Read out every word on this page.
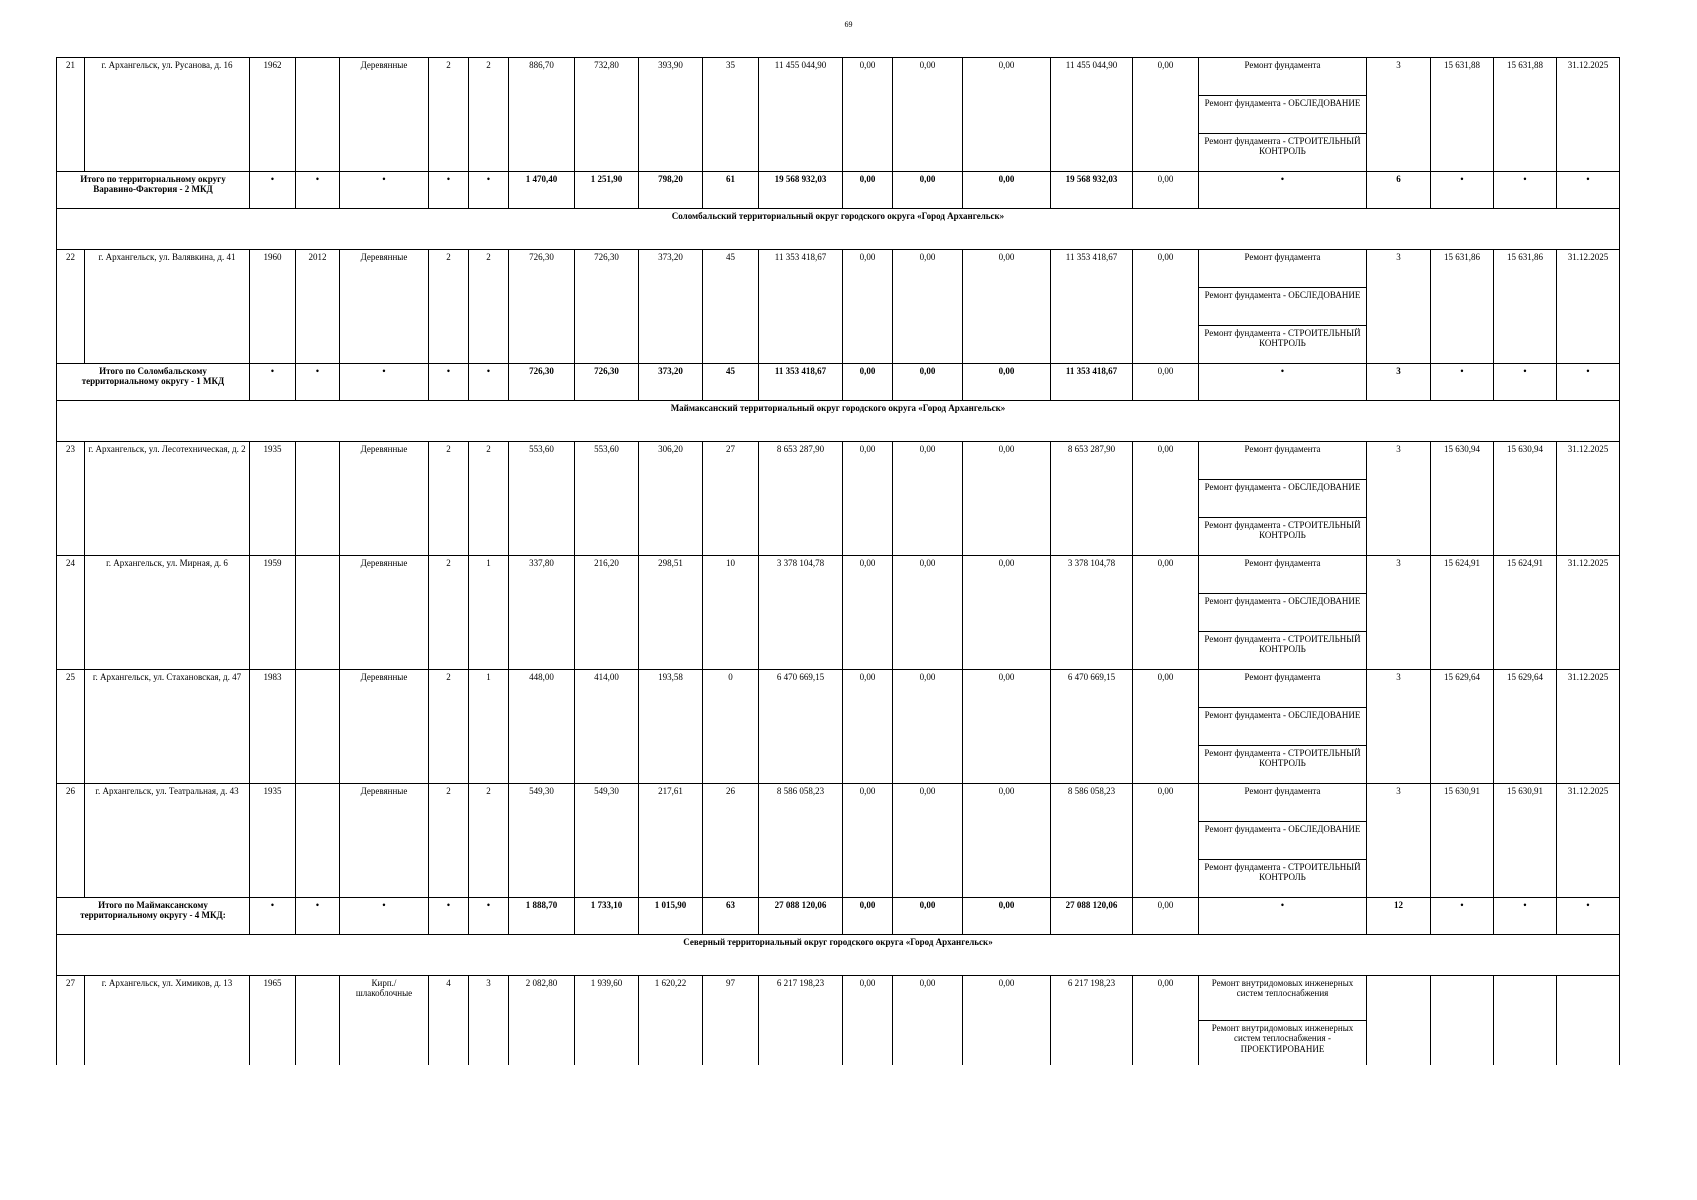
69
21	г. Архангельск, ул. Русанова, д. 16	1962		Деревянные	2	2	886,70	732,80	393,90	35	11 455 044,90	0,00	0,00	0,00	11 455 044,90	0,00	Ремонт фундамента	3	15 631,88	15 631,88	31.12.2025
																	Ремонт фундамента - ОБСЛЕДОВАНИЕ				
																	Ремонт фундамента - СТРОИТЕЛЬНЫЙ КОНТРОЛЬ				
Итого по территориальному округу Варавино-Фактория - 2 МКД		•	•	•	•	•	1 470,40	1 251,90	798,20	61	19 568 932,03	0,00	0,00	0,00	19 568 932,03	0,00	•	6	•	•	•
Соломбальский территориальный округ городского округа «Город Архангельск»																					
22	г. Архангельск, ул. Валявкина, д. 41	1960	2012	Деревянные	2	2	726,30	726,30	373,20	45	11 353 418,67	0,00	0,00	0,00	11 353 418,67	0,00	Ремонт фундамента	3	15 631,86	15 631,86	31.12.2025
																	Ремонт фундамента - ОБСЛЕДОВАНИЕ				
																	Ремонт фундамента - СТРОИТЕЛЬНЫЙ КОНТРОЛЬ				
Итого по Соломбальскому территориальному округу - 1 МКД		•	•	•	•	•	726,30	726,30	373,20	45	11 353 418,67	0,00	0,00	0,00	11 353 418,67	0,00	•	3	•	•	•
Маймаксанский территориальный округ городского округа «Город Архангельск»																					
23	г. Архангельск, ул. Лесотехническая, д. 2	1935		Деревянные	2	2	553,60	553,60	306,20	27	8 653 287,90	0,00	0,00	0,00	8 653 287,90	0,00	Ремонт фундамента	3	15 630,94	15 630,94	31.12.2025
																	Ремонт фундамента - ОБСЛЕДОВАНИЕ				
																	Ремонт фундамента - СТРОИТЕЛЬНЫЙ КОНТРОЛЬ				
24	г. Архангельск, ул. Мирная, д. 6	1959		Деревянные	2	1	337,80	216,20	298,51	10	3 378 104,78	0,00	0,00	0,00	3 378 104,78	0,00	Ремонт фундамента	3	15 624,91	15 624,91	31.12.2025
																	Ремонт фундамента - ОБСЛЕДОВАНИЕ				
																	Ремонт фундамента - СТРОИТЕЛЬНЫЙ КОНТРОЛЬ				
25	г. Архангельск, ул. Стахановская, д. 47	1983		Деревянные	2	1	448,00	414,00	193,58	0	6 470 669,15	0,00	0,00	0,00	6 470 669,15	0,00	Ремонт фундамента	3	15 629,64	15 629,64	31.12.2025
																	Ремонт фундамента - ОБСЛЕДОВАНИЕ				
																	Ремонт фундамента - СТРОИТЕЛЬНЫЙ КОНТРОЛЬ				
26	г. Архангельск, ул. Театральная, д. 43	1935		Деревянные	2	2	549,30	549,30	217,61	26	8 586 058,23	0,00	0,00	0,00	8 586 058,23	0,00	Ремонт фундамента	3	15 630,91	15 630,91	31.12.2025
																	Ремонт фундамента - ОБСЛЕДОВАНИЕ				
																	Ремонт фундамента - СТРОИТЕЛЬНЫЙ КОНТРОЛЬ				
Итого по Маймаксанскому территориальному округу - 4 МКД:		•	•	•	•	•	1 888,70	1 733,10	1 015,90	63	27 088 120,06	0,00	0,00	0,00	27 088 120,06	0,00	•	12	•	•	•
Северный территориальный округ городского округа «Город Архангельск»																					
27	г. Архангельск, ул. Химиков, д. 13	1965		Кирп./ шлакоблочные	4	3	2 082,80	1 939,60	1 620,22	97	6 217 198,23	0,00	0,00	0,00	6 217 198,23	0,00	Ремонт внутридомовых инженерных систем теплоснабжения				
																	Ремонт внутридомовых инженерных систем теплоснабжения - ПРОЕКТИРОВАНИЕ				
